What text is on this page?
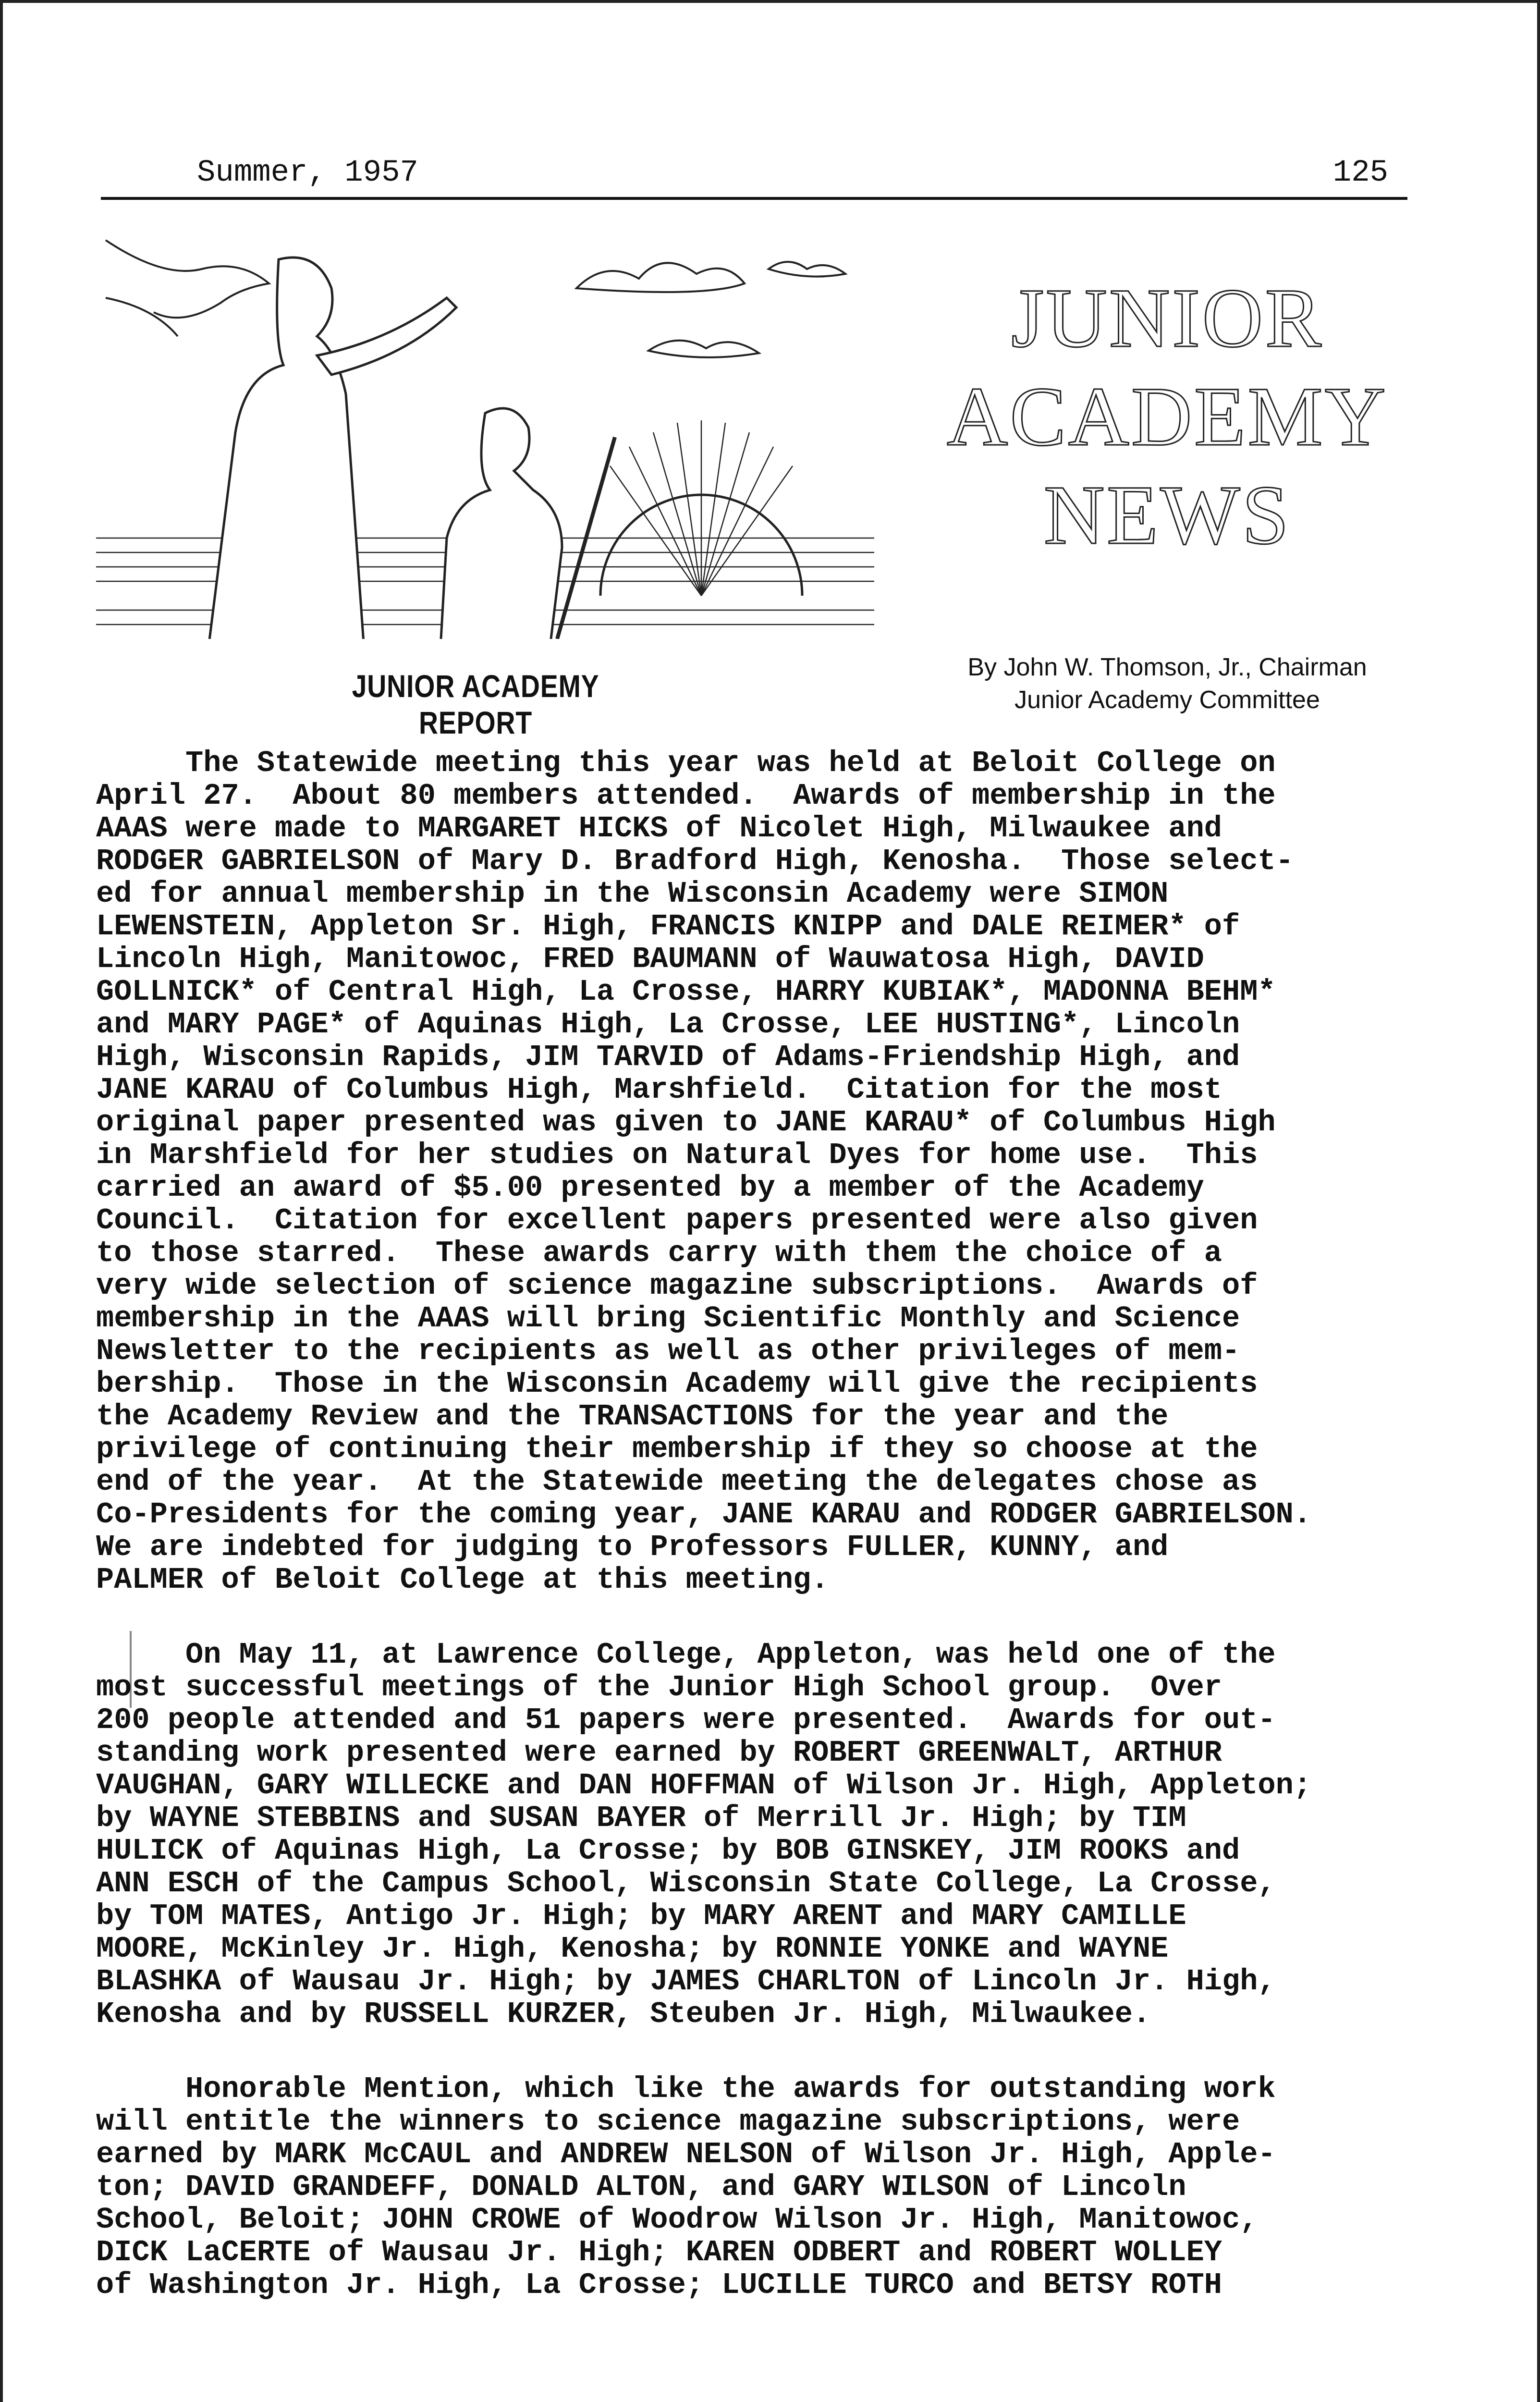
Summer, 1957	125
JUNIOR
ACADEMY
NEWS
JUNIOR ACADEMY REPORT
By John W. Thomson, Jr., Chairman
Junior Academy Committee
The Statewide meeting this year was held at Beloit College on
April 27.  About 80 members attended.  Awards of membership in the
AAAS were made to MARGARET HICKS of Nicolet High, Milwaukee and
RODGER GABRIELSON of Mary D. Bradford High, Kenosha.  Those select-
ed for annual membership in the Wisconsin Academy were SIMON
LEWENSTEIN, Appleton Sr. High, FRANCIS KNIPP and DALE REIMER* of
Lincoln High, Manitowoc, FRED BAUMANN of Wauwatosa High, DAVID
GOLLNICK* of Central High, La Crosse, HARRY KUBIAK*, MADONNA BEHM*
and MARY PAGE* of Aquinas High, La Crosse, LEE HUSTING*, Lincoln
High, Wisconsin Rapids, JIM TARVID of Adams-Friendship High, and
JANE KARAU of Columbus High, Marshfield.  Citation for the most
original paper presented was given to JANE KARAU* of Columbus High
in Marshfield for her studies on Natural Dyes for home use.  This
carried an award of $5.00 presented by a member of the Academy
Council.  Citation for excellent papers presented were also given
to those starred.  These awards carry with them the choice of a
very wide selection of science magazine subscriptions.  Awards of
membership in the AAAS will bring Scientific Monthly and Science
Newsletter to the recipients as well as other privileges of mem-
bership.  Those in the Wisconsin Academy will give the recipients
the Academy Review and the TRANSACTIONS for the year and the
privilege of continuing their membership if they so choose at the
end of the year.  At the Statewide meeting the delegates chose as
Co-Presidents for the coming year, JANE KARAU and RODGER GABRIELSON.
We are indebted for judging to Professors FULLER, KUNNY, and
PALMER of Beloit College at this meeting.
On May 11, at Lawrence College, Appleton, was held one of the
most successful meetings of the Junior High School group.  Over
200 people attended and 51 papers were presented.  Awards for out-
standing work presented were earned by ROBERT GREENWALT, ARTHUR
VAUGHAN, GARY WILLECKE and DAN HOFFMAN of Wilson Jr. High, Appleton;
by WAYNE STEBBINS and SUSAN BAYER of Merrill Jr. High; by TIM
HULICK of Aquinas High, La Crosse; by BOB GINSKEY, JIM ROOKS and
ANN ESCH of the Campus School, Wisconsin State College, La Crosse,
by TOM MATES, Antigo Jr. High; by MARY ARENT and MARY CAMILLE
MOORE, McKinley Jr. High, Kenosha; by RONNIE YONKE and WAYNE
BLASHKA of Wausau Jr. High; by JAMES CHARLTON of Lincoln Jr. High,
Kenosha and by RUSSELL KURZER, Steuben Jr. High, Milwaukee.
Honorable Mention, which like the awards for outstanding work
will entitle the winners to science magazine subscriptions, were
earned by MARK McCAUL and ANDREW NELSON of Wilson Jr. High, Apple-
ton; DAVID GRANDEFF, DONALD ALTON, and GARY WILSON of Lincoln
School, Beloit; JOHN CROWE of Woodrow Wilson Jr. High, Manitowoc,
DICK LaCERTE of Wausau Jr. High; KAREN ODBERT and ROBERT WOLLEY
of Washington Jr. High, La Crosse; LUCILLE TURCO and BETSY ROTH
